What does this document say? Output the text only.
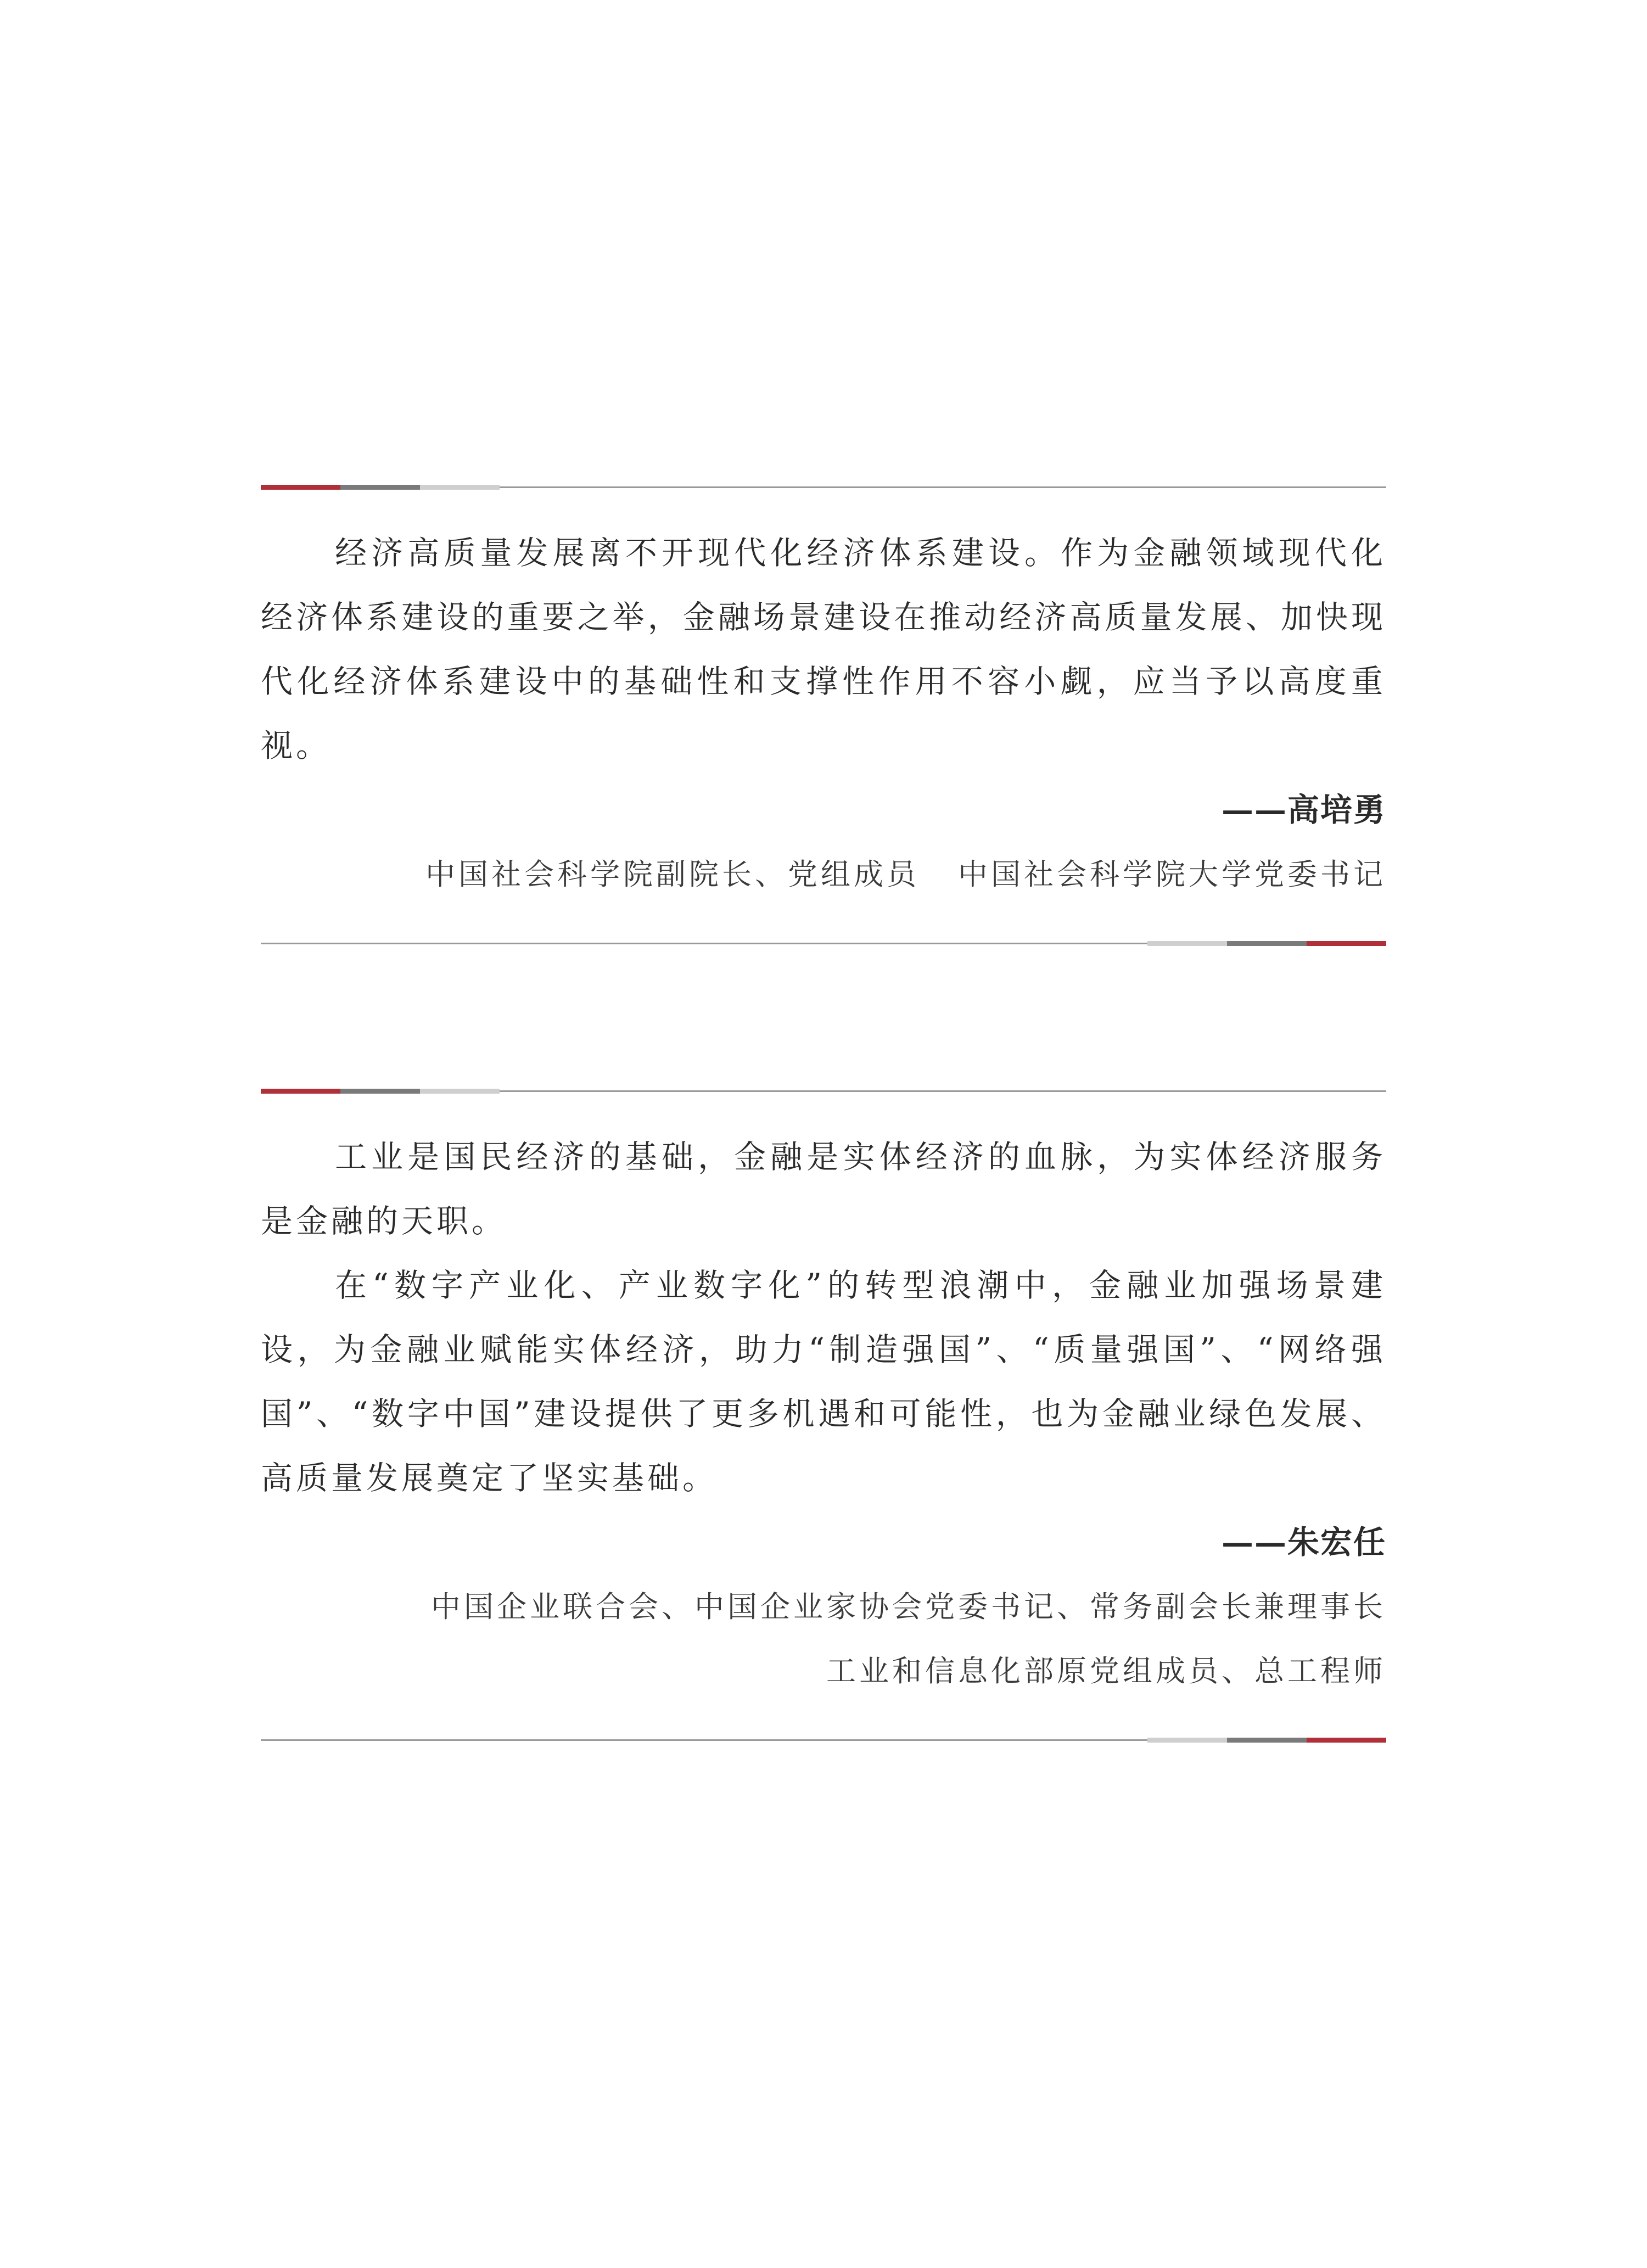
经济高质量发展离不开现代化经济体系建设。作为金融领域现代化经济体系建设的重要之举，金融场景建设在推动经济高质量发展、加快现代化经济体系建设中的基础性和支撑性作用不容小觑，应当予以高度重视。

——高培勇

中国社会科学院副院长、党组成员 中国社会科学院大学党委书记

工业是国民经济的基础，金融是实体经济的血脉，为实体经济服务是金融的天职。

在“数字产业化、产业数字化”的转型浪潮中，金融业加强场景建设，为金融业赋能实体经济，助力“制造强国”、“质量强国”、“网络强国”、“数字中国”建设提供了更多机遇和可能性，也为金融业绿色发展、高质量发展奠定了坚实基础。

——朱宏任

中国企业联合会、中国企业家协会党委书记、常务副会长兼理事长

工业和信息化部原党组成员、总工程师
